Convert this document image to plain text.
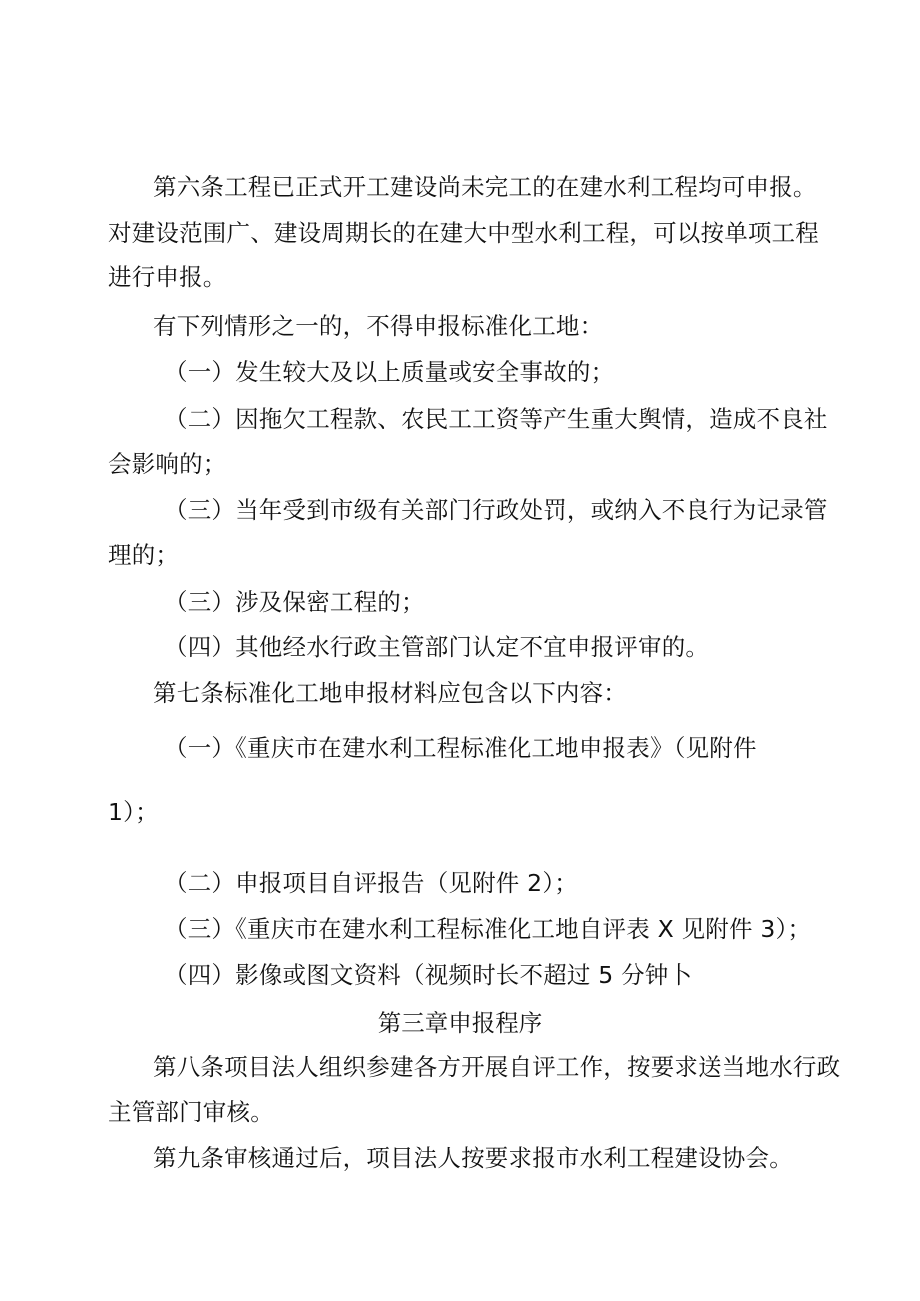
第六条工程已正式开工建设尚未完工的在建水利工程均可申报。
对建设范围广、建设周期长的在建大中型水利工程，可以按单项工程
进行申报。
有下列情形之一的，不得申报标准化工地：
（一）发生较大及以上质量或安全事故的；
（二）因拖欠工程款、农民工工资等产生重大舆情，造成不良社
会影响的；
（三）当年受到市级有关部门行政处罚，或纳入不良行为记录管
理的；
（三）涉及保密工程的；
（四）其他经水行政主管部门认定不宜申报评审的。
第七条标准化工地申报材料应包含以下内容：
（一）《重庆市在建水利工程标准化工地申报表》（见附件
1）；
（二）申报项目自评报告（见附件 2）；
（三）《重庆市在建水利工程标准化工地自评表 X 见附件 3）；
（四）影像或图文资料（视频时长不超过 5 分钟卜
第三章申报程序
第八条项目法人组织参建各方开展自评工作，按要求送当地水行政
主管部门审核。
第九条审核通过后，项目法人按要求报市水利工程建设协会。
